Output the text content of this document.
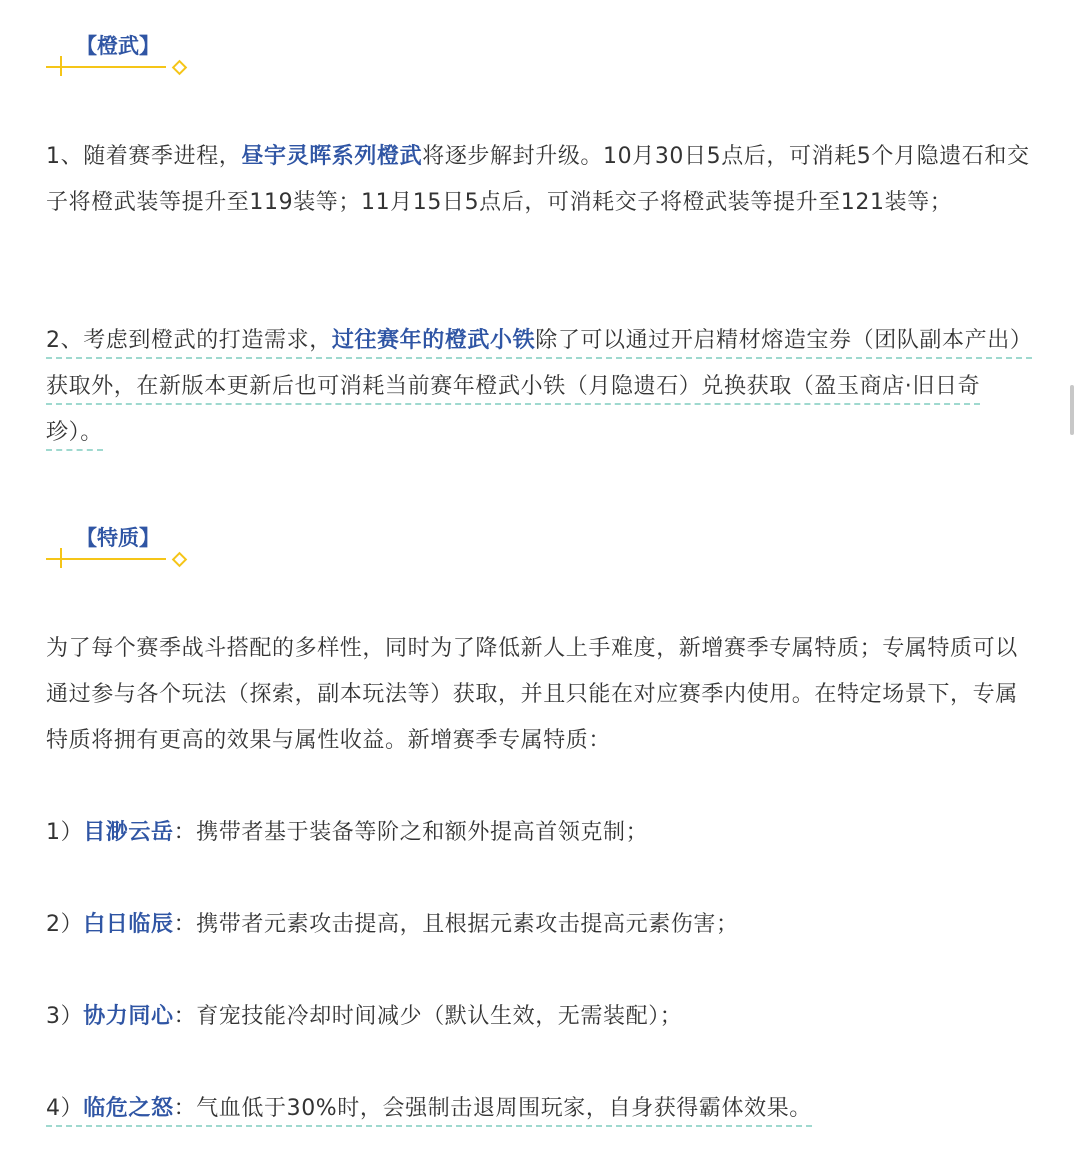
【橙武】

1、随着赛季进程，昼宇灵晖系列橙武将逐步解封升级。10月30日5点后，可消耗5个月隐遗石和交子将橙武装等提升至119装等；11月15日5点后，可消耗交子将橙武装等提升至121装等；

2、考虑到橙武的打造需求，过往赛年的橙武小铁除了可以通过开启精材熔造宝券（团队副本产出）获取外，在新版本更新后也可消耗当前赛年橙武小铁（月隐遗石）兑换获取（盈玉商店·旧日奇珍）。

【特质】

为了每个赛季战斗搭配的多样性，同时为了降低新人上手难度，新增赛季专属特质；专属特质可以通过参与各个玩法（探索，副本玩法等）获取，并且只能在对应赛季内使用。在特定场景下，专属特质将拥有更高的效果与属性收益。新增赛季专属特质：

1）目渺云岳：携带者基于装备等阶之和额外提高首领克制；

2）白日临辰：携带者元素攻击提高，且根据元素攻击提高元素伤害；

3）协力同心：育宠技能冷却时间减少（默认生效，无需装配）；

4）临危之怒：气血低于30%时，会强制击退周围玩家，自身获得霸体效果。
